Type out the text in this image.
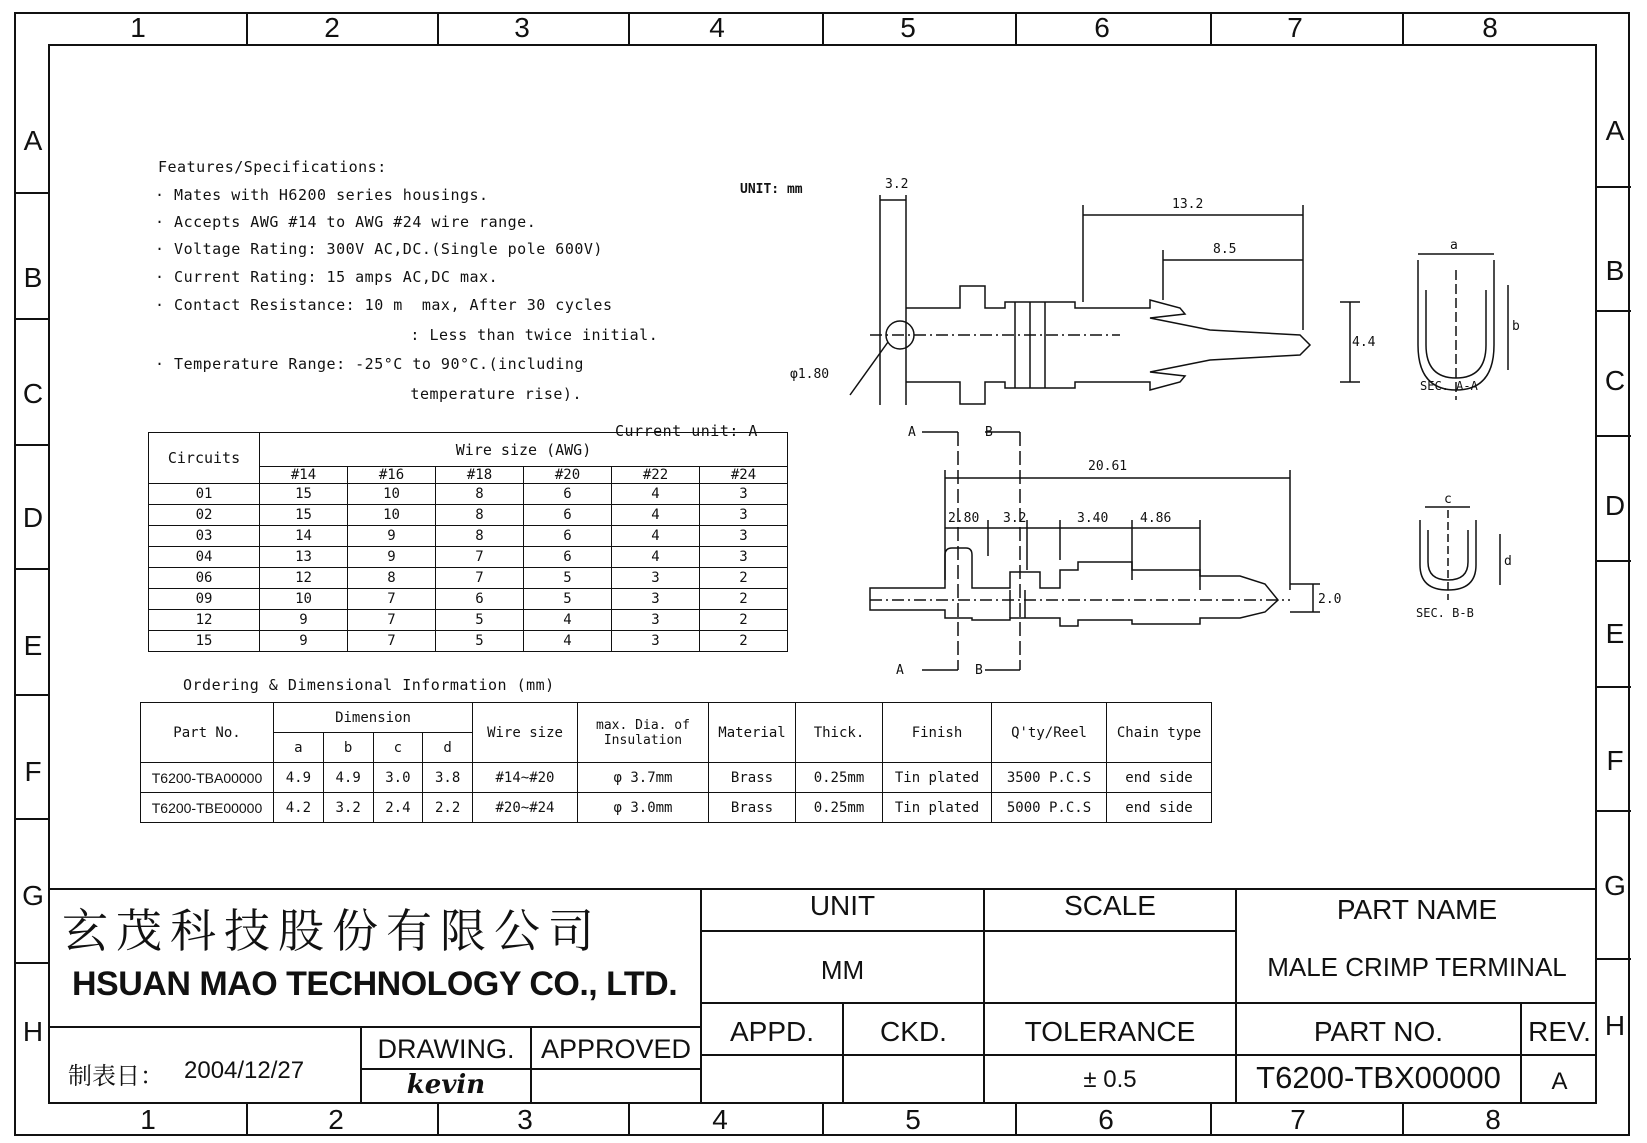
1	2	3	4	5	6	7	8
1	2	3	4	5	6	7	8
A
B
C
D
E
F
G
H
A
B
C
D
E
F
G
H
Features/Specifications:
· Mates with H6200 series housings.
· Accepts AWG #14 to AWG #24 wire range.
· Voltage Rating: 300V AC,DC.(Single pole 600V)
· Current Rating: 15 amps AC,DC max.
· Contact Resistance: 10 m  max, After 30 cycles
: Less than twice initial.
· Temperature Range: -25°C to 90°C.(including
temperature rise).
Current unit: A
Circuits	Wire size (AWG)					
	#14	#16	#18	#20	#22	#24
01	15	10	8	6	4	3
02	15	10	8	6	4	3
03	14	9	8	6	4	3
04	13	9	7	6	4	3
06	12	8	7	5	3	2
09	10	7	6	5	3	2
12	9	7	5	4	3	2
15	9	7	5	4	3	2
Ordering & Dimensional Information (mm)
Part No.	Dimension				Wire size	max. Dia. of Insulation	Material	Thick.	Finish	Q'ty/Reel	Chain type
	a	b	c	d							
T6200-TBA00000	4.9	4.9	3.0	3.8	#14~#20	φ 3.7mm	Brass	0.25mm	Tin plated	3500 P.C.S	end side
T6200-TBE00000	4.2	3.2	2.4	2.2	#20~#24	φ 3.0mm	Brass	0.25mm	Tin plated	5000 P.C.S	end side
UNIT: mm	3.2
13.2
8.5
4.4
φ1.80
20.61
2.80 3.2	3.40 4.86
2.0
A	B
A	B
SEC. A-A
SEC. B-B
a
b
c
d
玄茂科技股份有限公司
HSUAN MAO TECHNOLOGY CO., LTD.
制表日： 2004/12/27
DRAWING.
kevin
APPROVED
UNIT
MM
SCALE	PART NAME
MALE CRIMP TERMINAL
APPD.	CKD.	TOLERANCE
± 0.5
PART NO.
T6200-TBX00000
REV.
A
